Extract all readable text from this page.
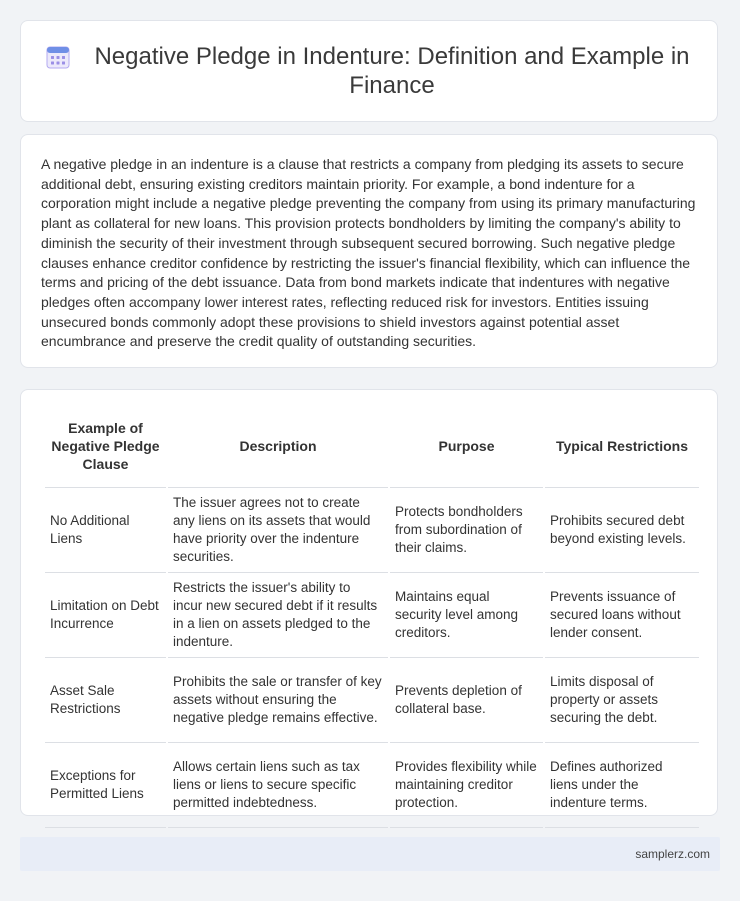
Negative Pledge in Indenture: Definition and Example in Finance

A negative pledge in an indenture is a clause that restricts a company from pledging its assets to secure additional debt, ensuring existing creditors maintain priority. For example, a bond indenture for a corporation might include a negative pledge preventing the company from using its primary manufacturing plant as collateral for new loans. This provision protects bondholders by limiting the company's ability to diminish the security of their investment through subsequent secured borrowing. Such negative pledge clauses enhance creditor confidence by restricting the issuer's financial flexibility, which can influence the terms and pricing of the debt issuance. Data from bond markets indicate that indentures with negative pledges often accompany lower interest rates, reflecting reduced risk for investors. Entities issuing unsecured bonds commonly adopt these provisions to shield investors against potential asset encumbrance and preserve the credit quality of outstanding securities.

Example of Negative Pledge Clause	Description	Purpose	Typical Restrictions
No Additional Liens	The issuer agrees not to create any liens on its assets that would have priority over the indenture securities.	Protects bondholders from subordination of their claims.	Prohibits secured debt beyond existing levels.
Limitation on Debt Incurrence	Restricts the issuer's ability to incur new secured debt if it results in a lien on assets pledged to the indenture.	Maintains equal security level among creditors.	Prevents issuance of secured loans without lender consent.
Asset Sale Restrictions	Prohibits the sale or transfer of key assets without ensuring the negative pledge remains effective.	Prevents depletion of collateral base.	Limits disposal of property or assets securing the debt.
Exceptions for Permitted Liens	Allows certain liens such as tax liens or liens to secure specific permitted indebtedness.	Provides flexibility while maintaining creditor protection.	Defines authorized liens under the indenture terms.
samplerz.com
